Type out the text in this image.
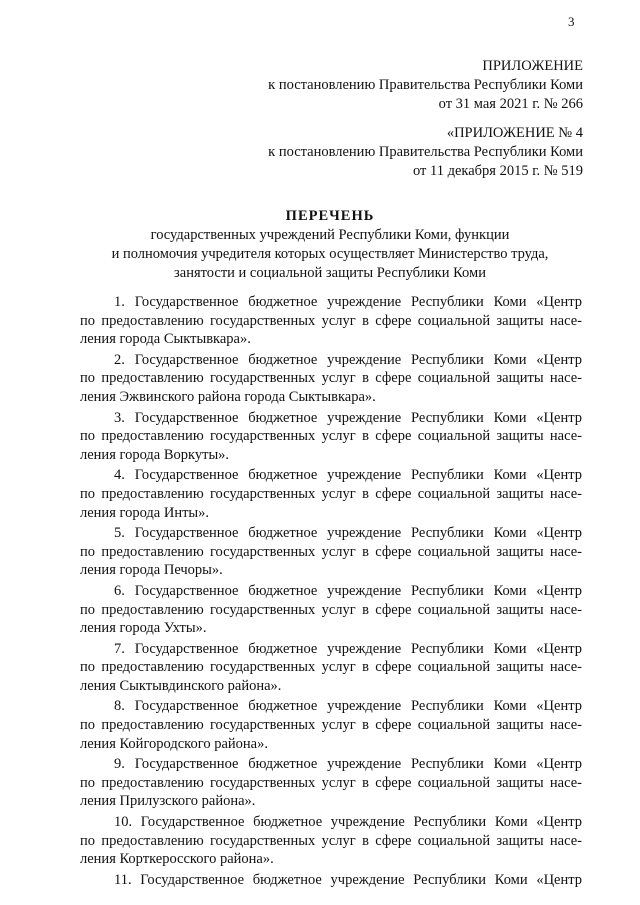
3
ПРИЛОЖЕНИЕ
к постановлению Правительства Республики Коми
от 31 мая 2021 г. № 266
«ПРИЛОЖЕНИЕ № 4
к постановлению Правительства Республики Коми
от 11 декабря 2015 г. № 519
ПЕРЕЧЕНЬ
государственных учреждений Республики Коми, функции
и полномочия учредителя которых осуществляет Министерство труда,
занятости и социальной защиты Республики Коми
1. Государственное бюджетное учреждение Республики Коми «Центр
по предоставлению государственных услуг в сфере социальной защиты насе-
ления города Сыктывкара».
2. Государственное бюджетное учреждение Республики Коми «Центр
по предоставлению государственных услуг в сфере социальной защиты насе-
ления Эжвинского района города Сыктывкара».
3. Государственное бюджетное учреждение Республики Коми «Центр
по предоставлению государственных услуг в сфере социальной защиты насе-
ления города Воркуты».
4. Государственное бюджетное учреждение Республики Коми «Центр
по предоставлению государственных услуг в сфере социальной защиты насе-
ления города Инты».
5. Государственное бюджетное учреждение Республики Коми «Центр
по предоставлению государственных услуг в сфере социальной защиты насе-
ления города Печоры».
6. Государственное бюджетное учреждение Республики Коми «Центр
по предоставлению государственных услуг в сфере социальной защиты насе-
ления города Ухты».
7. Государственное бюджетное учреждение Республики Коми «Центр
по предоставлению государственных услуг в сфере социальной защиты насе-
ления Сыктывдинского района».
8. Государственное бюджетное учреждение Республики Коми «Центр
по предоставлению государственных услуг в сфере социальной защиты насе-
ления Койгородского района».
9. Государственное бюджетное учреждение Республики Коми «Центр
по предоставлению государственных услуг в сфере социальной защиты насе-
ления Прилузского района».
10. Государственное бюджетное учреждение Республики Коми «Центр
по предоставлению государственных услуг в сфере социальной защиты насе-
ления Корткеросского района».
11. Государственное бюджетное учреждение Республики Коми «Центр
